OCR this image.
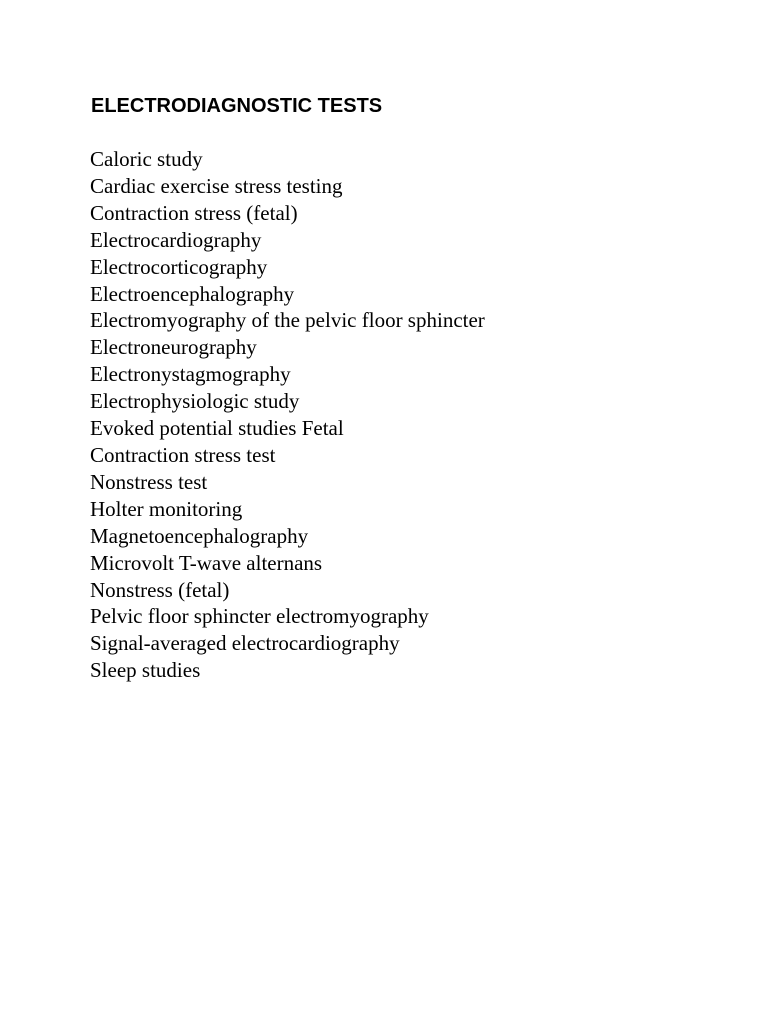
ELECTRODIAGNOSTIC TESTS
Caloric study
Cardiac exercise stress testing
Contraction stress (fetal)
Electrocardiography
Electrocorticography
Electroencephalography
Electromyography of the pelvic floor sphincter
Electroneurography
Electronystagmography
Electrophysiologic study
Evoked potential studies Fetal
Contraction stress test
Nonstress test
Holter monitoring
Magnetoencephalography
Microvolt T-wave alternans
Nonstress (fetal)
Pelvic floor sphincter electromyography
Signal-averaged electrocardiography
Sleep studies
